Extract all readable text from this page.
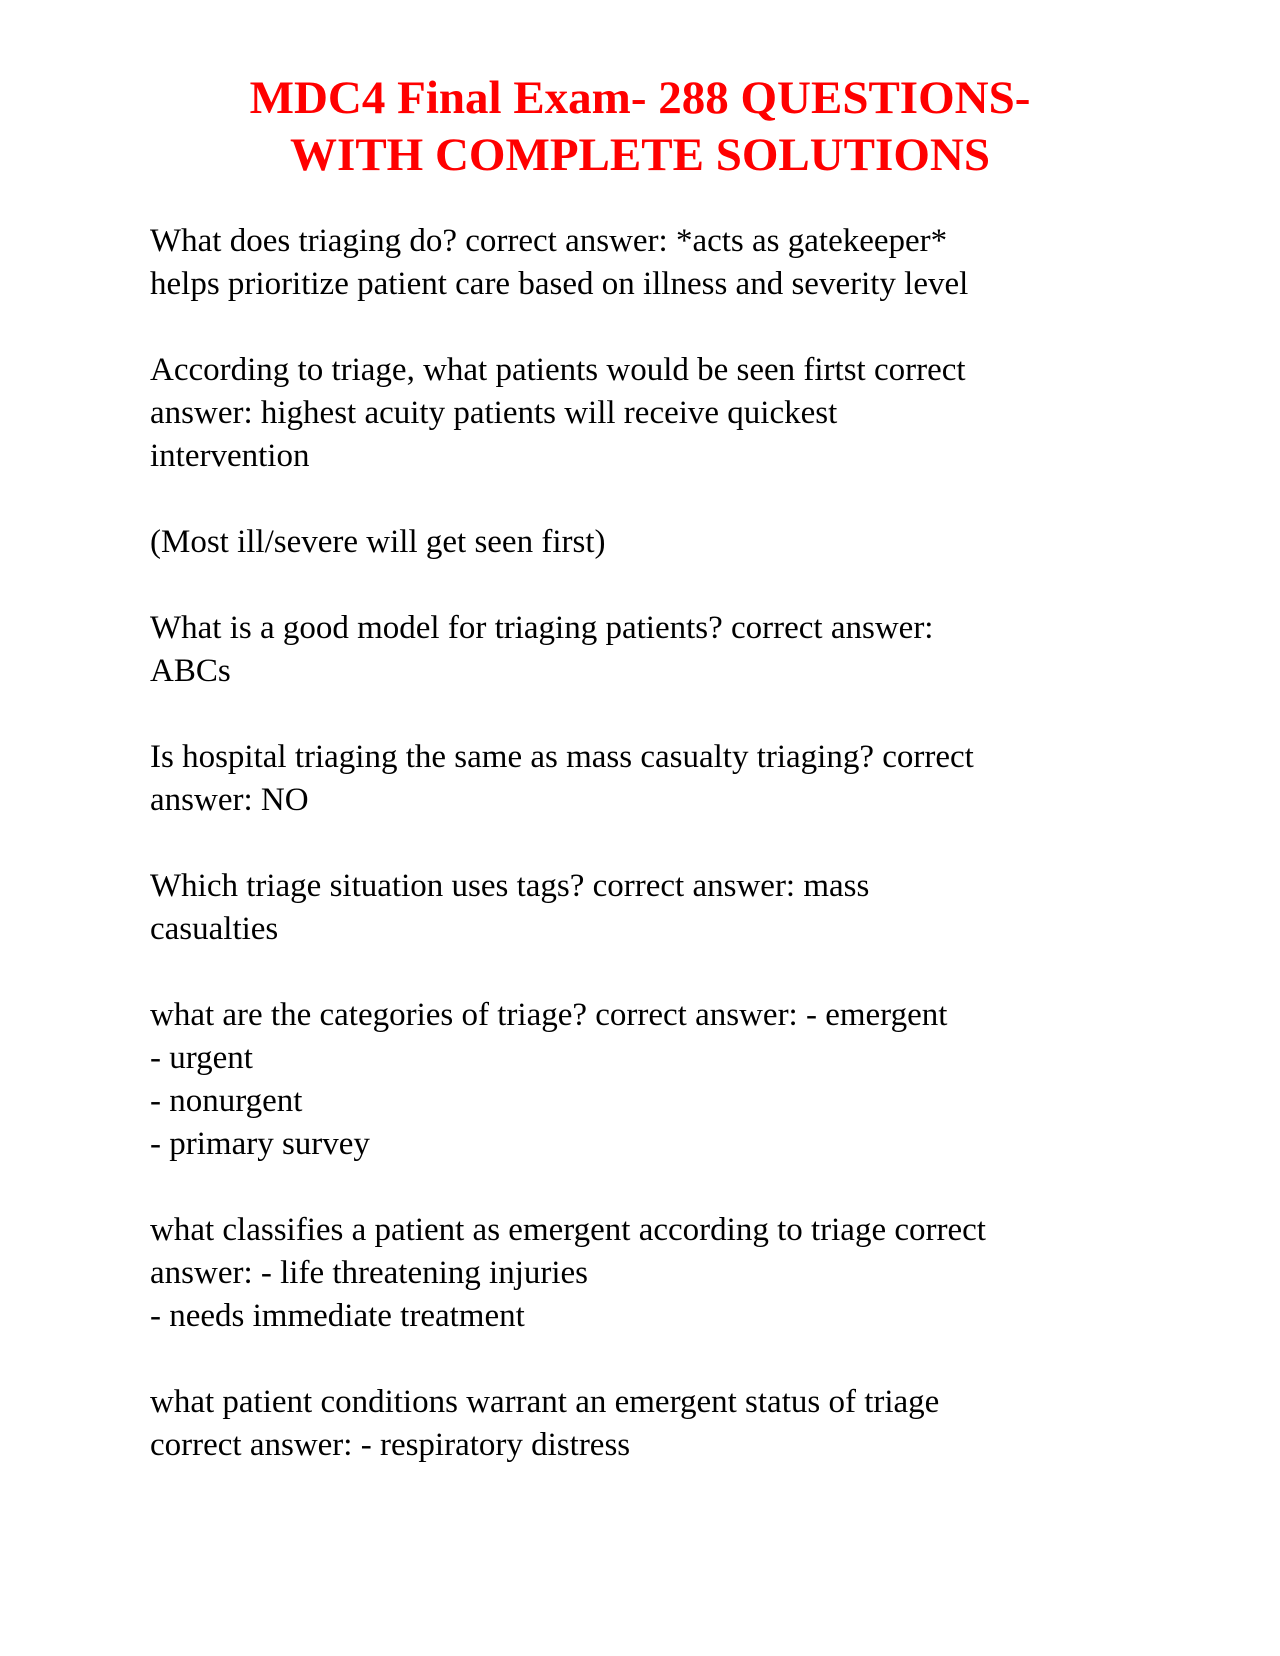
MDC4 Final Exam- 288 QUESTIONS-
WITH COMPLETE SOLUTIONS
What does triaging do? correct answer: *acts as gatekeeper*
helps prioritize patient care based on illness and severity level
According to triage, what patients would be seen firtst correct
answer: highest acuity patients will receive quickest
intervention
(Most ill/severe will get seen first)
What is a good model for triaging patients? correct answer:
ABCs
Is hospital triaging the same as mass casualty triaging? correct
answer: NO
Which triage situation uses tags? correct answer: mass
casualties
what are the categories of triage? correct answer: - emergent
- urgent
- nonurgent
- primary survey
what classifies a patient as emergent according to triage correct
answer: - life threatening injuries
- needs immediate treatment
what patient conditions warrant an emergent status of triage
correct answer: - respiratory distress
